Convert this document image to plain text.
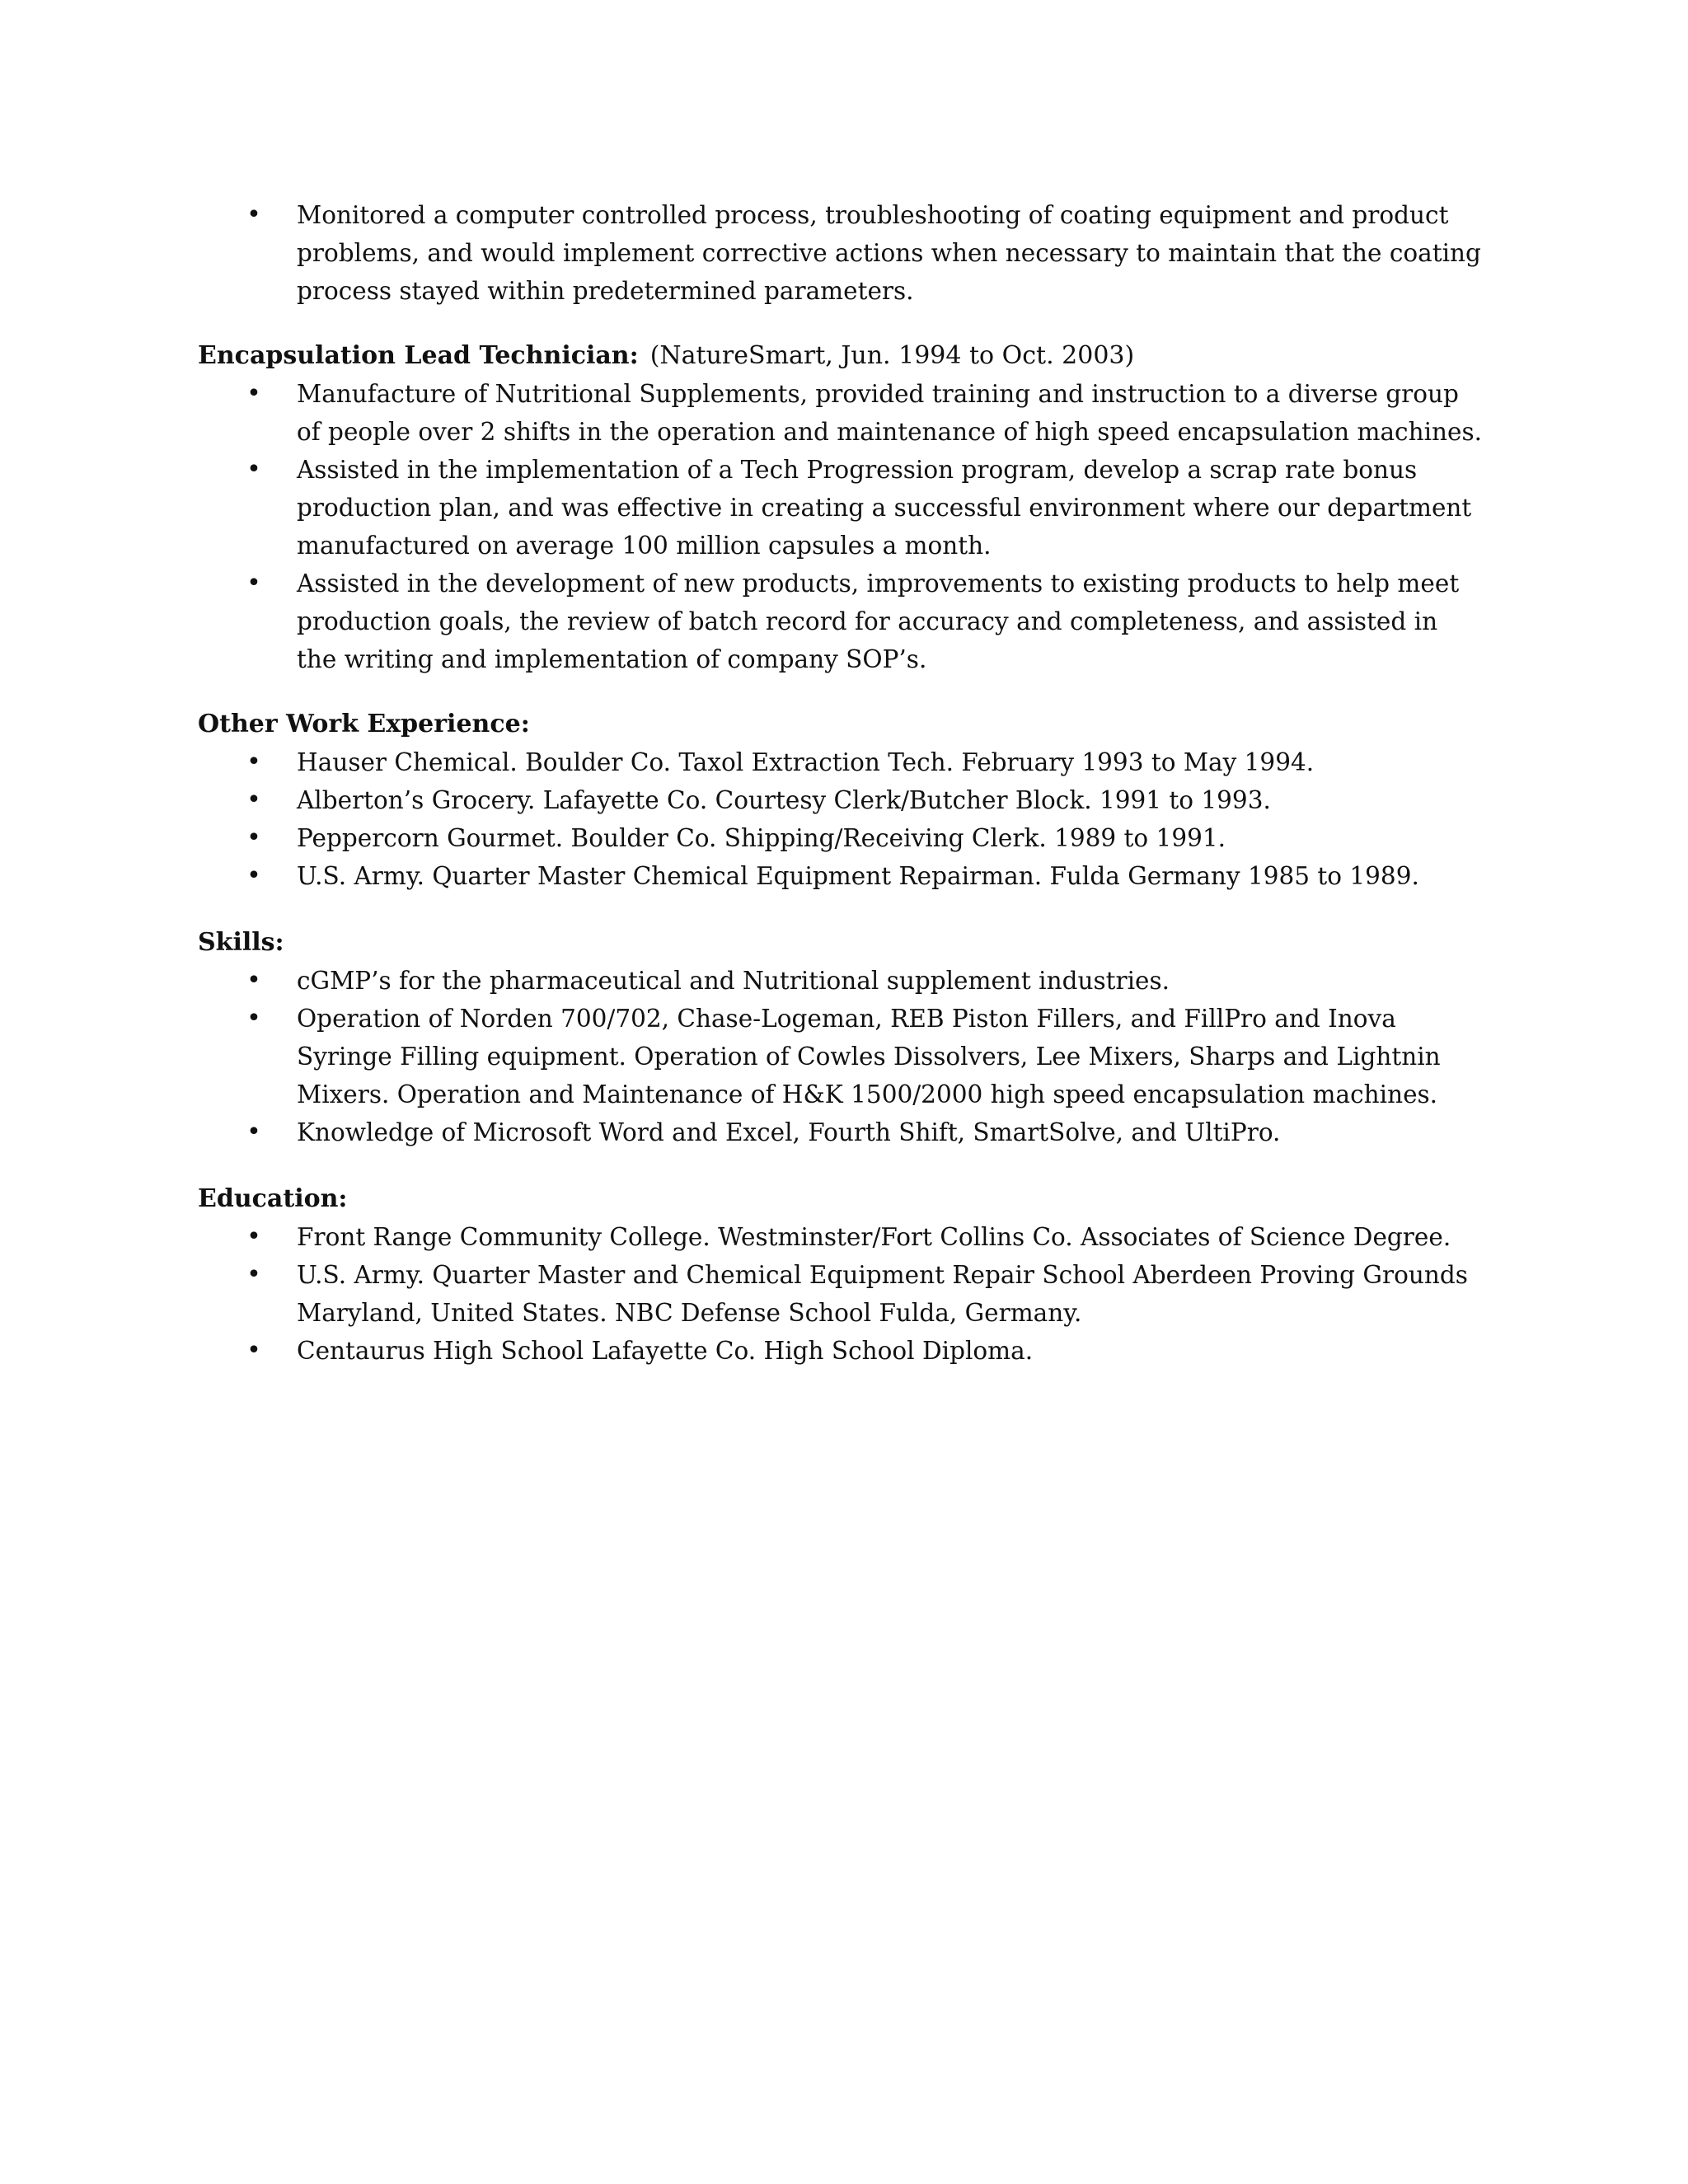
• Monitored a computer controlled process, troubleshooting of coating equipment and product problems, and would implement corrective actions when necessary to maintain that the coating process stayed within predetermined parameters.
Encapsulation Lead Technician: (NatureSmart, Jun. 1994 to Oct. 2003)
• Manufacture of Nutritional Supplements, provided training and instruction to a diverse group of people over 2 shifts in the operation and maintenance of high speed encapsulation machines.
• Assisted in the implementation of a Tech Progression program, develop a scrap rate bonus production plan, and was effective in creating a successful environment where our department manufactured on average 100 million capsules a month.
• Assisted in the development of new products, improvements to existing products to help meet production goals, the review of batch record for accuracy and completeness, and assisted in the writing and implementation of company SOP’s.
Other Work Experience:
• Hauser Chemical. Boulder Co. Taxol Extraction Tech. February 1993 to May 1994.
• Alberton’s Grocery. Lafayette Co. Courtesy Clerk/Butcher Block. 1991 to 1993.
• Peppercorn Gourmet. Boulder Co. Shipping/Receiving Clerk. 1989 to 1991.
• U.S. Army. Quarter Master Chemical Equipment Repairman. Fulda Germany 1985 to 1989.
Skills:
• cGMP’s for the pharmaceutical and Nutritional supplement industries.
• Operation of Norden 700/702, Chase-Logeman, REB Piston Fillers, and FillPro and Inova Syringe Filling equipment. Operation of Cowles Dissolvers, Lee Mixers, Sharps and Lightnin Mixers. Operation and Maintenance of H&K 1500/2000 high speed encapsulation machines.
• Knowledge of Microsoft Word and Excel, Fourth Shift, SmartSolve, and UltiPro.
Education:
• Front Range Community College. Westminster/Fort Collins Co. Associates of Science Degree.
• U.S. Army. Quarter Master and Chemical Equipment Repair School Aberdeen Proving Grounds Maryland, United States. NBC Defense School Fulda, Germany.
• Centaurus High School Lafayette Co. High School Diploma.
